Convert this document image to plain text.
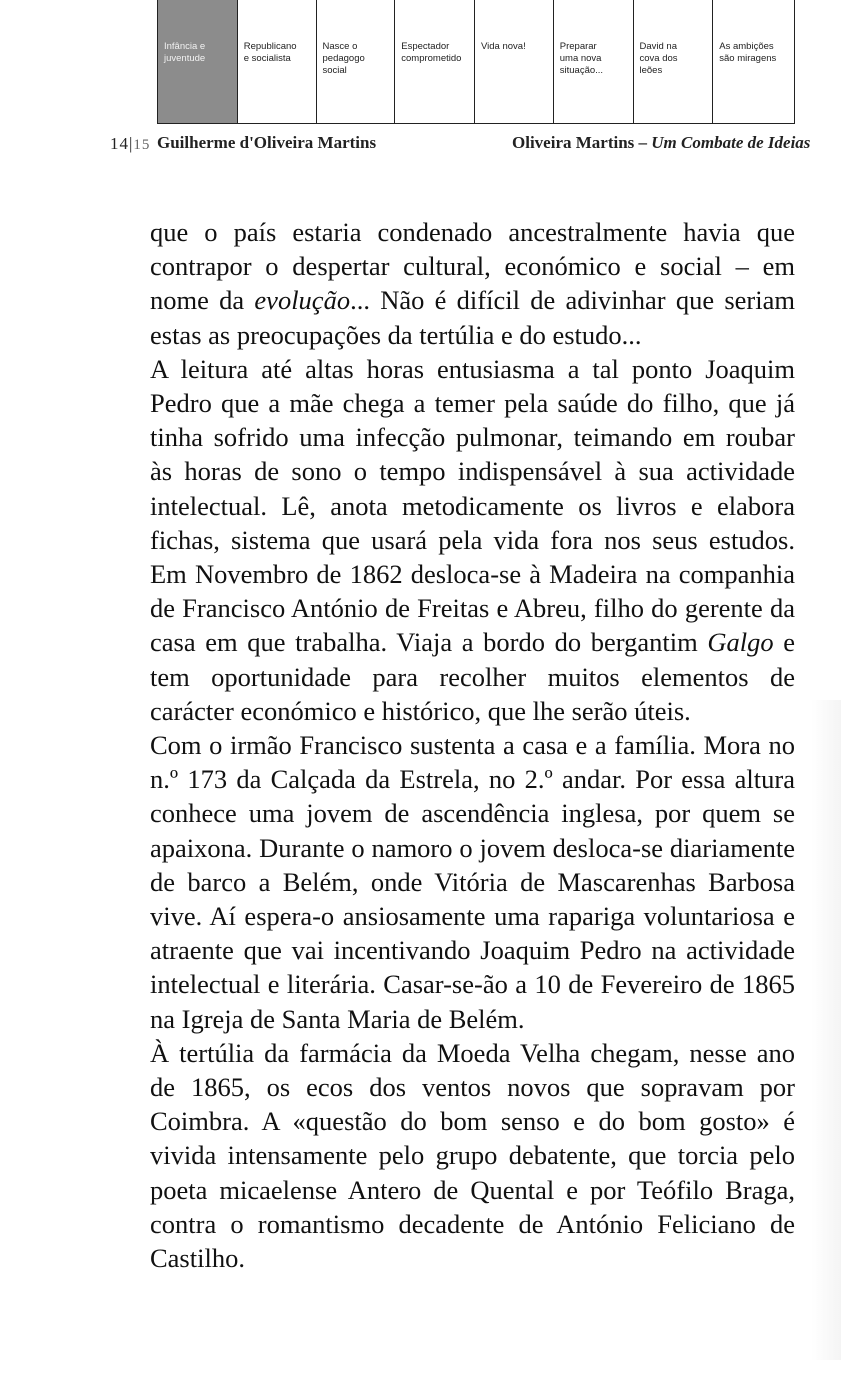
Infância e
juventude
Republicano
e socialista
Nasce o
pedagogo
social
Espectador
comprometido
Vida nova!	Preparar
uma nova
situação...
David na
cova dos
leões
As ambições
são miragens
14|15 Guilherme d'Oliveira Martins	Oliveira Martins – Um Combate de Ideias

que o país estaria condenado ancestralmente havia que contrapor o despertar cultural, económico e social – em nome da evolução... Não é difícil de adivinhar que seriam estas as preocupações da tertúlia e do estudo...

A leitura até altas horas entusiasma a tal ponto Joaquim Pedro que a mãe chega a temer pela saúde do filho, que já tinha sofrido uma infecção pulmonar, teimando em roubar às horas de sono o tempo indispensável à sua actividade intelectual. Lê, anota metodicamente os livros e elabora fichas, sistema que usará pela vida fora nos seus estudos. Em Novembro de 1862 desloca-se à Madeira na companhia de Francisco António de Freitas e Abreu, filho do gerente da casa em que trabalha. Viaja a bordo do bergantim Galgo e tem oportunidade para recolher muitos elementos de carácter económico e histórico, que lhe serão úteis.

Com o irmão Francisco sustenta a casa e a família. Mora no n.º 173 da Calçada da Estrela, no 2.º andar. Por essa altura conhece uma jovem de ascendência inglesa, por quem se apaixona. Durante o namoro o jovem desloca-se diariamente de barco a Belém, onde Vitória de Mascarenhas Barbosa vive. Aí espera-o ansiosamente uma rapariga voluntariosa e atraente que vai incentivando Joaquim Pedro na actividade intelectual e literária. Casar-se-ão a 10 de Fevereiro de 1865 na Igreja de Santa Maria de Belém.

À tertúlia da farmácia da Moeda Velha chegam, nesse ano de 1865, os ecos dos ventos novos que sopravam por Coimbra. A «questão do bom senso e do bom gosto» é vivida intensamente pelo grupo debatente, que torcia pelo poeta micaelense Antero de Quental e por Teófilo Braga, contra o romantismo decadente de António Feliciano de Castilho.
